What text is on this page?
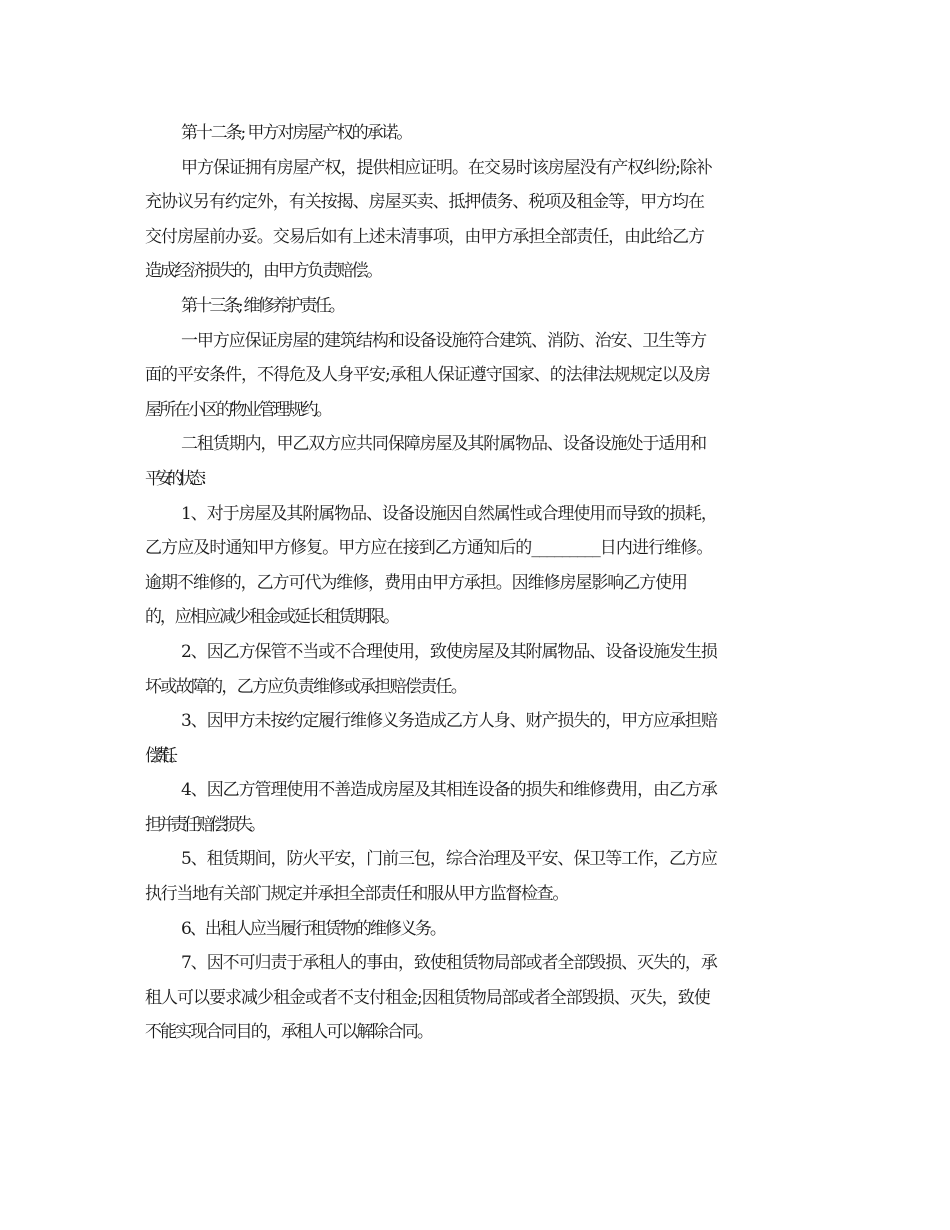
第十二条; 甲方对房屋产权的承诺。

甲方保证拥有房屋产权，提供相应证明。在交易时该房屋没有产权纠纷;除补
充协议另有约定外，有关按揭、房屋买卖、抵押债务、税项及租金等，甲方均在
交付房屋前办妥。交易后如有上述未清事项，由甲方承担全部责任，由此给乙方
造成经济损失的，由甲方负责赔偿。

第十三条; 维修养护责任。

一甲方应保证房屋的建筑结构和设备设施符合建筑、消防、治安、卫生等方
面的平安条件，不得危及人身平安;承租人保证遵守国家、的法律法规规定以及房
屋所在小区的物业管理规约。

二租赁期内，甲乙双方应共同保障房屋及其附属物品、设备设施处于适用和
平安的状态：

1、对于房屋及其附属物品、设备设施因自然属性或合理使用而导致的损耗，
乙方应及时通知甲方修复。甲方应在接到乙方通知后的_________日内进行维修。
逾期不维修的，乙方可代为维修，费用由甲方承担。因维修房屋影响乙方使用
的，应相应减少租金或延长租赁期限。

2、因乙方保管不当或不合理使用，致使房屋及其附属物品、设备设施发生损
坏或故障的，乙方应负责维修或承担赔偿责任。

3、因甲方未按约定履行维修义务造成乙方人身、财产损失的，甲方应承担赔
偿责任。

4、因乙方管理使用不善造成房屋及其相连设备的损失和维修费用，由乙方承
担并责任赔偿损失。

5、租赁期间，防火平安，门前三包，综合治理及平安、保卫等工作，乙方应
执行当地有关部门规定并承担全部责任和服从甲方监督检查。

6、出租人应当履行租赁物的维修义务。

7、因不可归责于承租人的事由，致使租赁物局部或者全部毁损、灭失的，承
租人可以要求减少租金或者不支付租金;因租赁物局部或者全部毁损、灭失，致使
不能实现合同目的，承租人可以解除合同。
